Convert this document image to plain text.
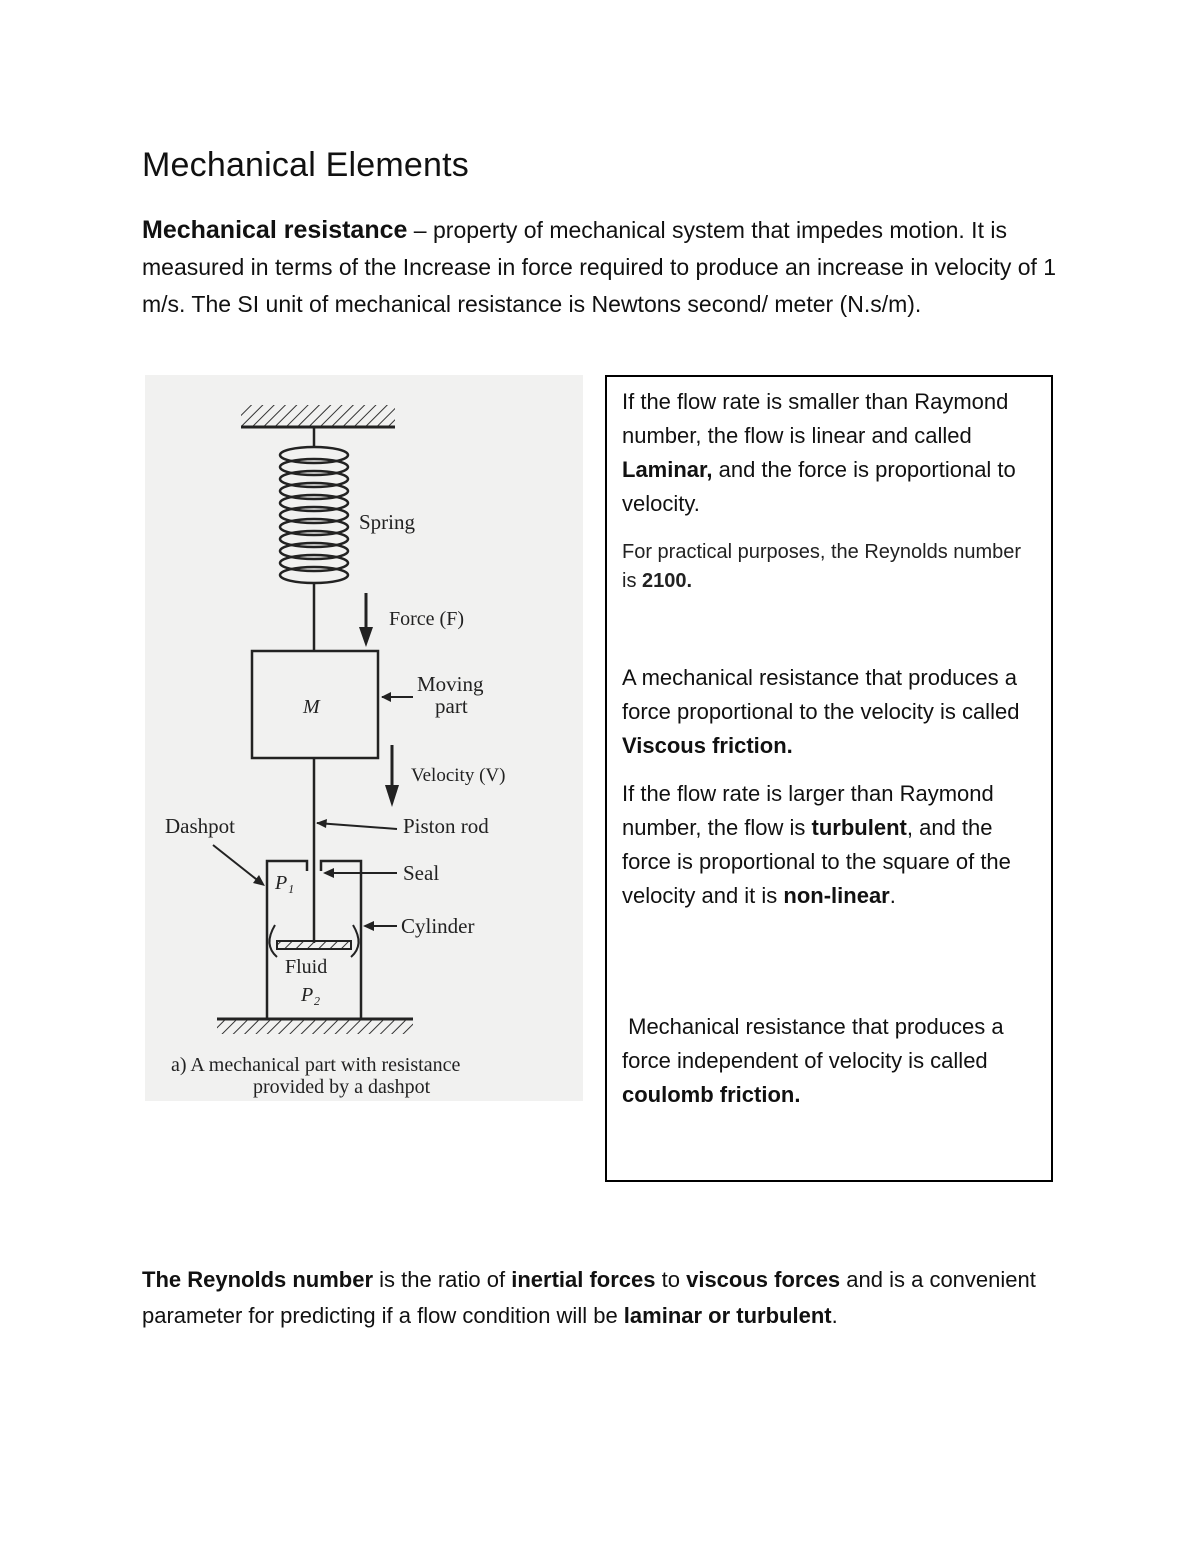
Mechanical Elements
Mechanical resistance – property of mechanical system that impedes motion. It is measured in terms of the Increase in force required to produce an increase in velocity of 1 m/s. The SI unit of mechanical resistance is Newtons second/ meter (N.s/m).
Spring
Force (F)
M
Moving
part
Velocity (V)
Piston rod
Dashpot
P₁	Seal
Cylinder
Fluid
P₂
a) A mechanical part with resistance
provided by a dashpot

If the flow rate is smaller than Raymond number, the flow is linear and called Laminar, and the force is proportional to velocity.

For practical purposes, the Reynolds number is 2100.

A mechanical resistance that produces a force proportional to the velocity is called Viscous friction.

If the flow rate is larger than Raymond number, the flow is turbulent, and the force is proportional to the square of the velocity and it is non-linear.

Mechanical resistance that produces a force independent of velocity is called coulomb friction.

The Reynolds number is the ratio of inertial forces to viscous forces and is a convenient parameter for predicting if a flow condition will be laminar or turbulent.
